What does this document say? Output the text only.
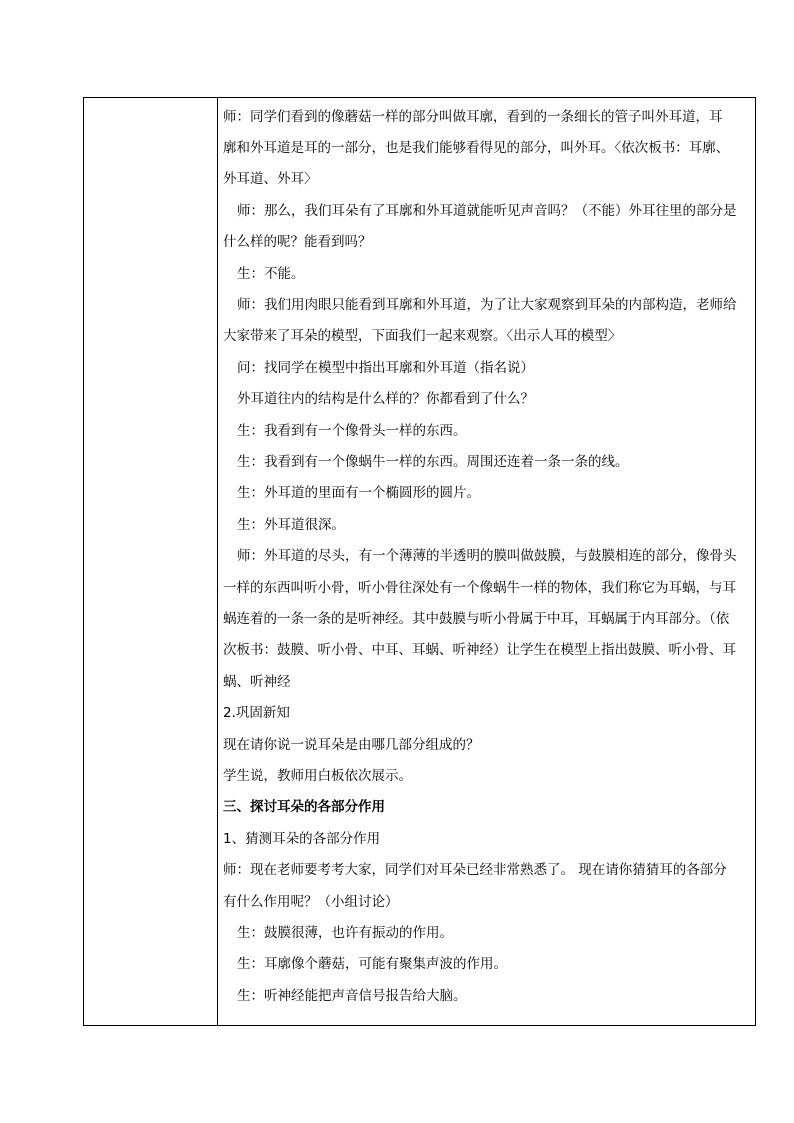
师：同学们看到的像蘑菇一样的部分叫做耳廓，看到的一条细长的管子叫外耳道，耳
廓和外耳道是耳的一部分，也是我们能够看得见的部分，叫外耳。〈依次板书：耳廓、
外耳道、外耳〉
师：那么，我们耳朵有了耳廓和外耳道就能听见声音吗？（不能）外耳往里的部分是
什么样的呢？能看到吗？
生：不能。
师：我们用肉眼只能看到耳廓和外耳道，为了让大家观察到耳朵的内部构造，老师给
大家带来了耳朵的模型，下面我们一起来观察。〈出示人耳的模型〉
问：找同学在模型中指出耳廓和外耳道（指名说）
外耳道往内的结构是什么样的？你都看到了什么？
生：我看到有一个像骨头一样的东西。
生：我看到有一个像蜗牛一样的东西。周围还连着一条一条的线。
生：外耳道的里面有一个椭圆形的圆片。
生：外耳道很深。
师：外耳道的尽头，有一个薄薄的半透明的膜叫做鼓膜，与鼓膜相连的部分，像骨头
一样的东西叫听小骨，听小骨往深处有一个像蜗牛一样的物体，我们称它为耳蜗，与耳
蜗连着的一条一条的是听神经。其中鼓膜与听小骨属于中耳，耳蜗属于内耳部分。（依
次板书：鼓膜、听小骨、中耳、耳蜗、听神经）让学生在模型上指出鼓膜、听小骨、耳
蜗、听神经
2.巩固新知
现在请你说一说耳朵是由哪几部分组成的？
学生说，教师用白板依次展示。
三、探讨耳朵的各部分作用
1、猜测耳朵的各部分作用
师：现在老师要考考大家，同学们对耳朵已经非常熟悉了。 现在请你猜猜耳的各部分
有什么作用呢？（小组讨论）
生：鼓膜很薄，也许有振动的作用。
生：耳廓像个蘑菇，可能有聚集声波的作用。
生：听神经能把声音信号报告给大脑。
